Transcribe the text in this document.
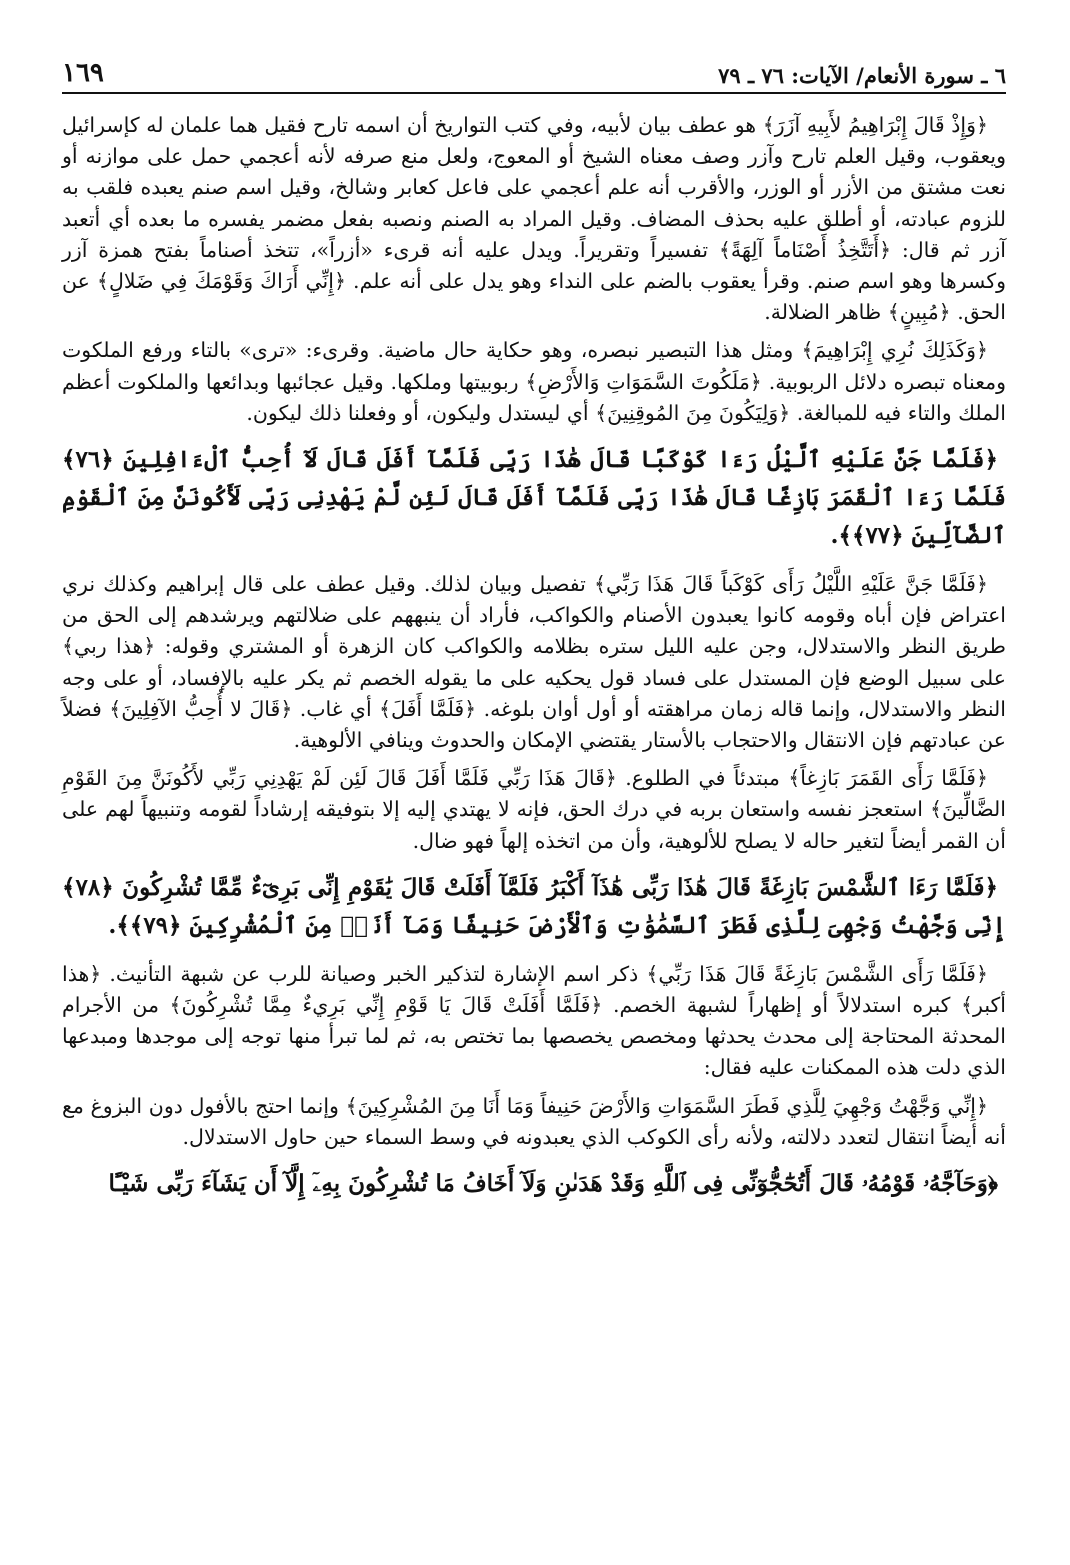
٦ ـ سورة الأنعام/ الآيات: ٧٦ ـ ٧٩
١٦٩

﴿وَإِذْ قَالَ إِبْرَاهِيمُ لأَبِيهِ آزَرَ﴾ هو عطف بيان لأبيه، وفي كتب التواريخ أن اسمه تارح فقيل هما علمان له كإسرائيل ويعقوب، وقيل العلم تارح وآزر وصف معناه الشيخ أو المعوج، ولعل منع صرفه لأنه أعجمي حمل على موازنه أو نعت مشتق من الأزر أو الوزر، والأقرب أنه علم أعجمي على فاعل كعابر وشالخ، وقيل اسم صنم يعبده فلقب به للزوم عبادته، أو أطلق عليه بحذف المضاف. وقيل المراد به الصنم ونصبه بفعل مضمر يفسره ما بعده أي أتعبد آزر ثم قال: ﴿أَتَتَّخِذُ أَصْنَاماً آلِهَةً﴾ تفسيراً وتقريراً. ويدل عليه أنه قرىء «أزراً»، تتخذ أصناماً بفتح همزة آزر وكسرها وهو اسم صنم. وقرأ يعقوب بالضم على النداء وهو يدل على أنه علم. ﴿إِنِّي أَرَاكَ وَقَوْمَكَ فِي ضَلالٍ﴾ عن الحق. ﴿مُبِينٍ﴾ ظاهر الضلالة.

﴿وَكَذَلِكَ نُرِي إِبْرَاهِيمَ﴾ ومثل هذا التبصير نبصره، وهو حكاية حال ماضية. وقرىء: «ترى» بالتاء ورفع الملكوت ومعناه تبصره دلائل الربوبية. ﴿مَلَكُوتَ السَّمَوَاتِ وَالأَرْضِ﴾ ربوبيتها وملكها. وقيل عجائبها وبدائعها والملكوت أعظم الملك والتاء فيه للمبالغة. ﴿وَلِيَكُونَ مِنَ المُوقِنِينَ﴾ أي ليستدل وليكون، أو وفعلنا ذلك ليكون.

﴿فَلَمَّا جَنَّ عَلَيْهِ ٱلَّيْلُ رَءَا كَوْكَبًا قَالَ هَٰذَا رَبِّى فَلَمَّآ أَفَلَ قَالَ لَآ أُحِبُّ ٱلْءَافِلِينَ ﴿٧٦﴾ فَلَمَّا رَءَا ٱلْقَمَرَ بَازِغًا قَالَ هَٰذَا رَبِّى فَلَمَّآ أَفَلَ قَالَ لَئِن لَّمْ يَهْدِنِى رَبِّى لَأَكُونَنَّ مِنَ ٱلْقَوْمِ ٱلضَّآلِّينَ ﴿٧٧﴾﴾.

﴿فَلَمَّا جَنَّ عَلَيْهِ اللَّيْلُ رَأَى كَوْكَباً قَالَ هَذَا رَبِّي﴾ تفصيل وبيان لذلك. وقيل عطف على قال إبراهيم وكذلك نري اعتراض فإن أباه وقومه كانوا يعبدون الأصنام والكواكب، فأراد أن ينبههم على ضلالتهم ويرشدهم إلى الحق من طريق النظر والاستدلال، وجن عليه الليل ستره بظلامه والكواكب كان الزهرة أو المشتري وقوله: ﴿هذا ربي﴾ على سبيل الوضع فإن المستدل على فساد قول يحكيه على ما يقوله الخصم ثم يكر عليه بالإفساد، أو على وجه النظر والاستدلال، وإنما قاله زمان مراهقته أو أول أوان بلوغه. ﴿فَلَمَّا أَفَلَ﴾ أي غاب. ﴿قَالَ لا أُحِبُّ الآفِلِينَ﴾ فضلاً عن عبادتهم فإن الانتقال والاحتجاب بالأستار يقتضي الإمكان والحدوث وينافي الألوهية.

﴿فَلَمَّا رَأَى القَمَرَ بَازِغاً﴾ مبتدئاً في الطلوع. ﴿قَالَ هَذَا رَبِّي فَلَمَّا أَفَلَ قَالَ لَئِن لَمْ يَهْدِنِي رَبِّي لأَكُونَنَّ مِنَ القَوْمِ الضَّالِّينَ﴾ استعجز نفسه واستعان بربه في درك الحق، فإنه لا يهتدي إليه إلا بتوفيقه إرشاداً لقومه وتنبيهاً لهم على أن القمر أيضاً لتغير حاله لا يصلح للألوهية، وأن من اتخذه إلهاً فهو ضال.

﴿فَلَمَّا رَءَا ٱلشَّمْسَ بَازِغَةً قَالَ هَٰذَا رَبِّى هَٰذَآ أَكْبَرُ فَلَمَّآ أَفَلَتْ قَالَ يَٰقَوْمِ إِنِّى بَرِىٓءٌ مِّمَّا تُشْرِكُونَ ﴿٧٨﴾ إِنِّى وَجَّهْتُ وَجْهِىَ لِلَّذِى فَطَرَ ٱلسَّمَٰوَٰتِ وَٱلْأَرْضَ حَنِيفًا وَمَآ أَنَا۠ مِنَ ٱلْمُشْرِكِينَ ﴿٧٩﴾﴾.

﴿فَلَمَّا رَأَى الشَّمْسَ بَازِغَةً قَالَ هَذَا رَبِّي﴾ ذكر اسم الإشارة لتذكير الخبر وصيانة للرب عن شبهة التأنيث. ﴿هذا أكبر﴾ كبره استدلالاً أو إظهاراً لشبهة الخصم. ﴿فَلَمَّا أَفَلَتْ قَالَ يَا قَوْمِ إِنِّي بَرِيءٌ مِمَّا تُشْرِكُونَ﴾ من الأجرام المحدثة المحتاجة إلى محدث يحدثها ومخصص يخصصها بما تختص به، ثم لما تبرأ منها توجه إلى موجدها ومبدعها الذي دلت هذه الممكنات عليه فقال:

﴿إِنِّي وَجَّهْتُ وَجْهِيَ لِلَّذِي فَطَرَ السَّمَوَاتِ وَالأَرْضَ حَنِيفاً وَمَا أَنَا مِنَ المُشْرِكِينَ﴾ وإنما احتج بالأفول دون البزوغ مع أنه أيضاً انتقال لتعدد دلالته، ولأنه رأى الكوكب الذي يعبدونه في وسط السماء حين حاول الاستدلال.

﴿وَحَآجَّهُۥ قَوْمُهُۥ قَالَ أَتُحَٰٓجُّوٓنِّى فِى ٱللَّهِ وَقَدْ هَدَىٰنِ وَلَآ أَخَافُ مَا تُشْرِكُونَ بِهِۦٓ إِلَّآ أَن يَشَآءَ رَبِّى شَيْـًٔا
